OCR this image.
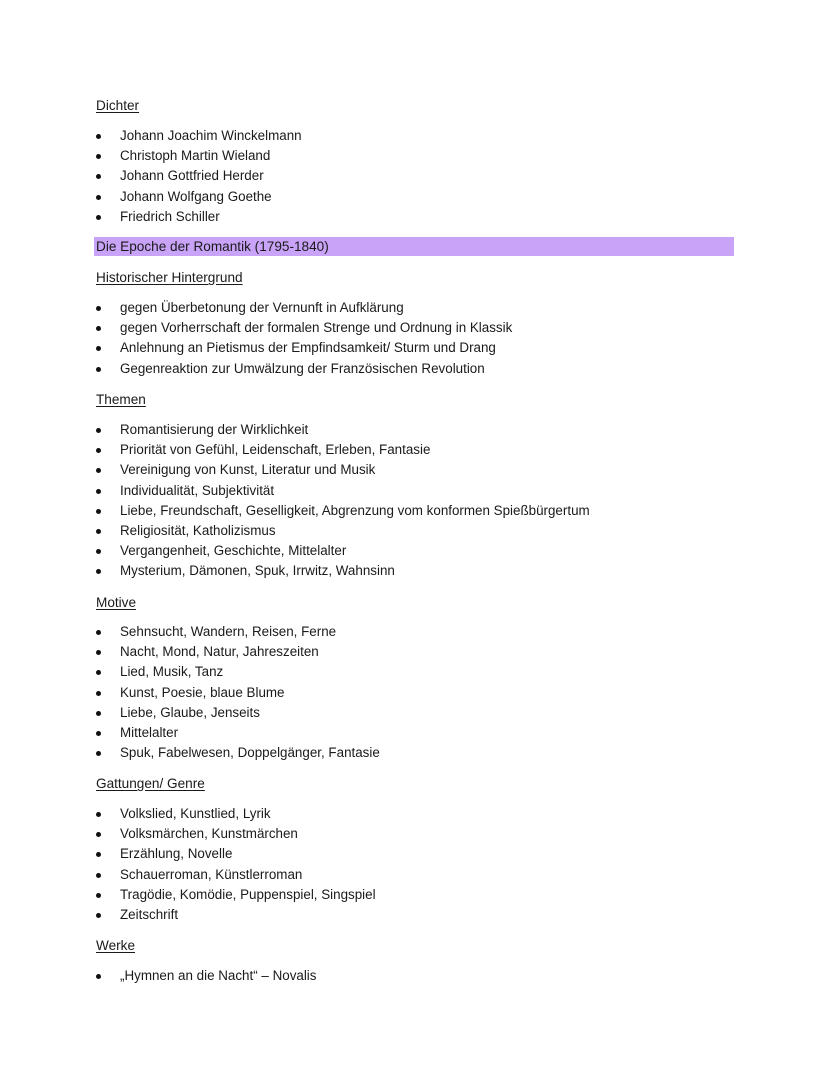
Dichter
Johann Joachim Winckelmann
Christoph Martin Wieland
Johann Gottfried Herder
Johann Wolfgang Goethe
Friedrich Schiller
Die Epoche der Romantik (1795-1840)
Historischer Hintergrund
gegen Überbetonung der Vernunft in Aufklärung
gegen Vorherrschaft der formalen Strenge und Ordnung in Klassik
Anlehnung an Pietismus der Empfindsamkeit/ Sturm und Drang
Gegenreaktion zur Umwälzung der Französischen Revolution
Themen
Romantisierung der Wirklichkeit
Priorität von Gefühl, Leidenschaft, Erleben, Fantasie
Vereinigung von Kunst, Literatur und Musik
Individualität, Subjektivität
Liebe, Freundschaft, Geselligkeit, Abgrenzung vom konformen Spießbürgertum
Religiosität, Katholizismus
Vergangenheit, Geschichte, Mittelalter
Mysterium, Dämonen, Spuk, Irrwitz, Wahnsinn
Motive
Sehnsucht, Wandern, Reisen, Ferne
Nacht, Mond, Natur, Jahreszeiten
Lied, Musik, Tanz
Kunst, Poesie, blaue Blume
Liebe, Glaube, Jenseits
Mittelalter
Spuk, Fabelwesen, Doppelgänger, Fantasie
Gattungen/ Genre
Volkslied, Kunstlied, Lyrik
Volksmärchen, Kunstmärchen
Erzählung, Novelle
Schauerroman, Künstlerroman
Tragödie, Komödie, Puppenspiel, Singspiel
Zeitschrift
Werke
„Hymnen an die Nacht“ – Novalis
